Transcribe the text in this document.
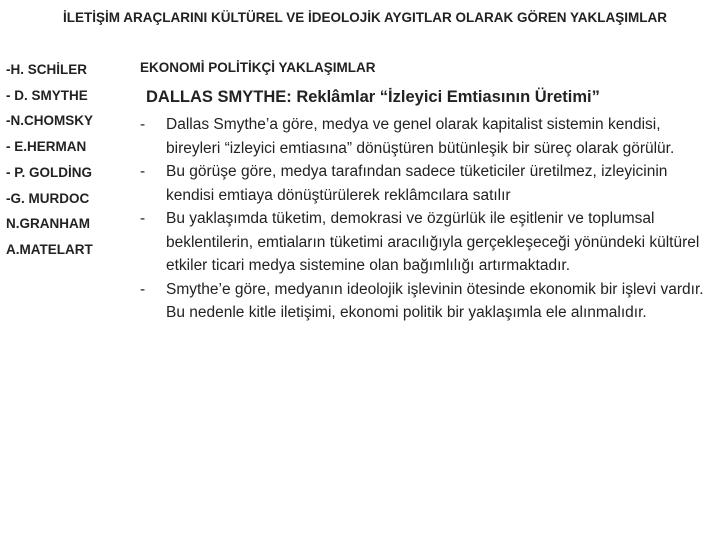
İLETİŞİM ARAÇLARINI KÜLTÜREL VE İDEOLOJİK AYGITLAR OLARAK GÖREN YAKLAŞIMLAR
-H. SCHİLER
- D. SMYTHE
-N.CHOMSKY
- E.HERMAN
- P. GOLDİNG
-G. MURDOC
N.GRANHAM
A.MATELART
EKONOMİ POLİTİKÇİ YAKLAŞIMLAR
DALLAS SMYTHE: Reklâmlar “İzleyici Emtiasının Üretimi”
- Dallas Smythe’a göre, medya ve genel olarak kapitalist sistemin kendisi, bireyleri “izleyici emtiasına” dönüştüren bütünleşik bir süreç olarak görülür.
- Bu görüşe göre, medya tarafından sadece tüketiciler üretilmez, izleyicinin kendisi emtiaya dönüştürülerek reklâmcılara satılır
- Bu yaklaşımda tüketim, demokrasi ve özgürlük ile eşitlenir ve toplumsal beklentilerin, emtiaların tüketimi aracılığıyla gerçekleşeceği yönündeki kültürel etkiler ticari medya sistemine olan bağımlılığı artırmaktadır.
- Smythe’e göre, medyanın ideolojik işlevinin ötesinde ekonomik bir işlevi vardır. Bu nedenle kitle iletişimi, ekonomi politik bir yaklaşımla ele alınmalıdır.
